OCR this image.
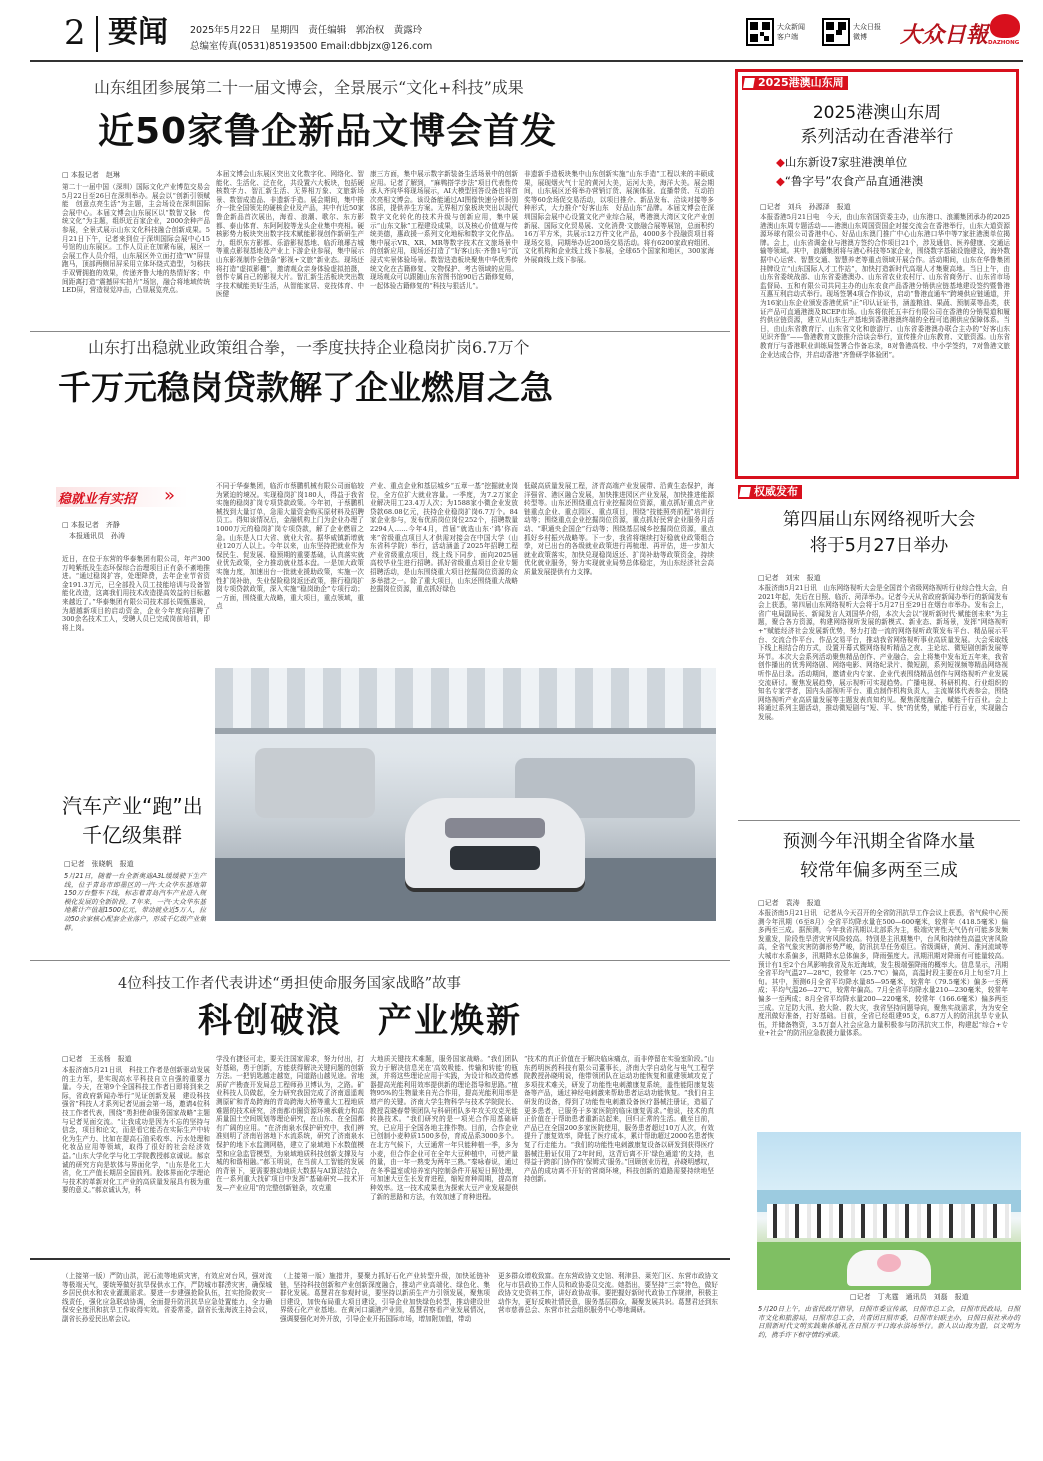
2 要闻 2025年5月22日　星期四　责任编辑　郭治权　黄露玲
总编室传真(0531)85193500 Email:dbbjzx@126.com
大众新闻
客户端
大众日报
微博	大众日報 DAZHONG
山东组团参展第二十一届文博会，全景展示“文化+科技”成果
近50家鲁企新品文博会首发
□ 本报记者　赵琳
第二十一届中国（深圳）国际文化产业博览交易会5月22日至26日在深圳举办。展会以“创新引领赋能　创意点亮生活”为主题，主会场设在深圳国际会展中心。本届文博会山东展区以“数智文脉　传统文化”为主题，组织近百家企业，2000余种产品参展，全景式展示山东文化科技融合创新成果。5月21日下午，记者来到位于深圳国际会展中心15号馆的山东展区。工作人员正在加紧布展，展区一会展工作人员介绍，山东展区外立面打造“W”屏显跑马，顶部两侧吊屏采用立体环绕式造型，匀称扶手双臂拥抱的效果，传递齐鲁大地的热情好客；中间距离打造“震撼屏实拍片”场馆，融合将地域传统LED屏，营造视觉冲击，凸显展览亮点。
本届文博会山东展区突出文化数字化、网络化、智能化、生活化、泛在化，共设置六大板块，包括硬核数字力、智汇新生活、无界相万象、文旅新场景、数智成造品、非遗新手造。展会期间，集中推介一批全国领先的硬核企业及产品，其中有近50家鲁企新品首次展出，海看、浪潮、歌尔、东方影都、泰山体育、东阿阿胶等龙头企业集中亮相。硬核影势力板块突出数字技术赋能影视创作新研生产力，组织东方影都、乐游影视基地、临沂琅琊古城等重点影视基地及产业上下游企业参展，集中展示山东影视制作全链条“影视+文旅”新业态。现场还将打造“虚拟影棚”，邀请观众亲身体验虚拟拍摄，创作专属自己的影视大片。智汇新生活板块突出数字技术赋能美好生活，从智能家居、竞技体育、中医健
康三方面，集中展示数字新装备生活场景中的创新应用。记者了解到，“麻鸭搭学步法”项目代表性传承人齐向华将现场展示，AI大模型回答设备也将首次亮相文博会。该设备能通过AI图像快速分析识别体质，提供养生方案。无界相万象板块突出以现代数字文化转化的技术升级与创新应用，集中展示“山东文脉”工程建设成果，以及核心价值观与传统美德，惠政援一系列文化地标和数字文化作品。集中展示VR、XR、MR等数字技术在文旅场景中的创新应用，现场还打造了“好客山东·齐鲁1号”沉浸式实景体验场景。数智迭造板块聚焦中华优秀传统文化在古籍修复、文物保护、考古领域的应用。现场观众可以跟随山东省图书馆90后古籍修复师，一起体验古籍修复的“科技与狠活儿”。
非遗新手造板块集中山东创新实施“山东手造”工程以来的丰硕成果，展现烟火气十足的黄河大美，运河大美，海洋大美。展会期间，山东展区还将举办营销订货、展演体验、直播带货、互动拍奖等60余场促交易活动，以项目推介、新品发布、洽谈对接等多种形式，大力推介“好客山东　好品山东”品牌。本届文博会在深圳国际会展中心设置文化产业综合展，粤港澳大湾区文化产业创新展、国际文化贸易展、文化消费·文旅融合展等展馆，总面积约16万平方米，共展示12万件文化产品，4000多个投融资项目将现场交易，同期举办近200场交易活动。将有6200家政府组团、文化机构和企业线上线下参展，全球65个国家和地区，300家海外展商线上线下参展。
2025港澳山东周
2025港澳山东周
系列活动在香港举行
◆山东新设7家驻港澳单位
◆“鲁字号”农食产品直通港澳
□记者　刘兵　孙源泽　报道
本报香港5月21日电　今天，由山东省国资委主办，山东港口、浪潮集团承办的2025港澳山东周专题活动——港澳山东周国资国企对接交流会在香港举行，山东大道资源源环球有限公司香港中心、好品山东澳门推广中心山东港口华中等7家驻港澳单位揭牌。会上，山东省调金业与港澳方签约合作项目21个，涉及通信、医养健康、交通运输等领域。其中，浪潮集团将与港心科技等5家企业，围绕数字基础设施建设，海外数据中心运营、智慧交通、智慧养老等重点领域开展合作。活动期间，山东在华鲁集团挂牌设立“山东国际人才工作站”，加快打造新时代高端人才集聚高地。当日上午，由山东省委统战部、山东省委港澳办、山东省农业农村厅、山东省商务厅、山东省市场监督局、五和有限公司共同主办的山东农食产品香港分销供应链基地建设签约暨鲁港互惠互利启动式举行。现场签署4项合作协议，启动“鲁港直通车”跨境供应链通道，并为16家山东企业颁发香港优质“正”印认证证书，涵盖粮油、果蔬、预制菜等品类，获证产品可直通港澳及RCEP市场。山东将依托五丰行有限公司在香港的分销渠道和履约供应链资源，建立从山东生产基地到香港港澳终端的全程可追溯供应保障体系。当日，由山东省教育厅、山东省文化和旅游厅、山东省委港澳办联合主办的“好客山东　见识齐鲁”——鲁港教育文旅推介洽谈会举行，宣传推介山东教育、文旅资源。山东省教育厅与香港职业训练局签署合作备忘录，8对鲁港高校、中小学签约，7对鲁港文旅企业达成合作，并启动香港“齐鲁研学体验团”。
山东打出稳就业政策组合拳，一季度扶持企业稳岗扩岗6.7万个
千万元稳岗贷款解了企业燃眉之急
稳就业有实招 »
□ 本报记者　齐静
　本报通讯员　孙涛
近日，在位于东营的华泰集团有限公司，年产300万吨紫纸及生态环保综合治理项目正有条不紊地推进。“通过稳岗扩容，处理降费，去年企业节省资金191.3万元，已全部投入员工技能培训与设备智能化改造，这离我们用技术改造提高效益的目标越来越近了。”华泰集团有限公司技术部长周甄惠说，为超越新项目的启动资金，企业今年度向招聘了300余名技术工人，受聘人员已完成岗前培训，即将上岗。
不同于华泰集团，临沂市蔡鹏机械有限公司面临较为紧迫的境况。实现稳岗扩岗180人，得益于我省实施的稳岗扩岗专项贷款政策。今年初，于蔡鹏机械找到大量订单，急需大量资金购买原材料及招聘员工。得知该情况后，金融机构上门为企业办理了1000万元的稳岗扩岗专项贷款，解了企业燃眉之急。山东是人口大省、就业大省。据华威镇新增就业120万人以上。今年以来，山东坚持把就业作为保民生、促发展、稳预期的重要基础，认真落实就业优先政策，全力推动就业基本盘。一是加大政策实施力度，加速出台一批就业援助政策，实施一次性扩岗补助，失业保险稳岗返还政策，推行稳岗扩岗专项贷款政策，深入实施“稳岗助企”专项行动；一方面，围绕重大战略，重大项目，重点领域，重点
产业、重点企业和基层城乡“五章一基”挖掘就业岗位，全方位扩大就业容量。一季度，为7.2万家企业解决用工23.4万人次；为1588家小微企业发放贷款68.08亿元，扶持企业稳岗扩岗6.7万个。84家企业参与，发布优质岗位岗位252个，招聘数量2294人……今年4月，首届“就选山东·‘鸿’你而来”省级重点项目人才供需对接会在中国大学（山东省科学院）举行，活动涵盖了2025年招聘工程产业省级重点项目，线上线下同步，面向2025届高校毕业生进行招聘。抓好省级重点项目企业专题招聘活动，是山东围绕重大项目挖掘岗位资源的众多举措之一。除了重大项目，山东还围绕重大战略挖掘岗位资源，重点抓好绿色
低碳高质量发展工程，济青高端产业发展带、沿黄生态保护，海洋强省、港区融合发展，加快推进园区产业发展，加快推进能源转型等。山东还围绕重点行业挖掘岗位资源，重点抓好重点产业链重点企业、重点园区、重点项目，围绕“技能照亮前程”培训行动等；围绕重点企业挖掘岗位资源，重点抓好民营企业服务月活动、“职通央企国企”行动等；围绕基层城乡挖掘岗位资源，重点抓好乡村振兴战略等。下一步，我省将继续打好稳就业政策组合拳，对已出台的各级就业政策进行再梳理、再评估，进一步加大就业政策落实，加快兑现稳岗返还、扩岗补助等政策资金，持续优化就业服务，努力实现就业局势总体稳定，为山东经济社会高质量发展提供有力支撑。
汽车产业“跑”出
千亿级集群
□记者　张晓帆　报道
5月21日，随着一台全新奥迪A3L缓缓驶下生产线，位于青岛市即墨区的一汽·大众华东基地第150万台整车下线，标志着青岛汽车产业进入规模化发展的全新阶段。7年来，一汽·大众华东基地累计产值超1500亿元，带动就业近5万人，拉动50余家核心配套企业落户，形成千亿级产业集群。
4位科技工作者代表讲述“勇担使命服务国家战略”故事
科创破浪　产业焕新
□记者　王丞杨　报道
本报济南5月21日讯　科技工作者是创新驱动发展的主力军，是实现高水平科技自立自强的重要力量。今天，在第9个全国科技工作者日即将到来之际，省政府新闻办举行“见证创新发展　建设科技强省”科技人才系列记者见面会第一场，邀请4位科技工作者代表，围绕“勇担使命服务国家战略”主题与记者见面交流。“让我成功是因为不忘的坚持与信念，项目和论文，而是看它能否在实际生产中转化为生产力、比如在提高石油采收率、污水处理和化妆品应用等领域，取得了很好的社会经济效益。”山东大学化学与化工学院教授郝京诚说。郝京诚的研究方向是软体与界面化学，“山东是化工大省，化工产值长期居全国前列。胶体界面化学理论与技术的革新对化工产业的高质量发展具有极为重要的意义。”郝京诚认为，科
学没有捷径可走，要关注国家需求，努力付出，打好基础，勇于创新，方能获得解决关键问题的创新方法。一把钥匙越走越宽，同道路山越见途。省地质矿产勘查开发局总工程师孙卫博认为，之路。矿业科技人员做起，全力研究我国完成了济南遥遥观测原矿和青岛跨海的青岛跨海大桥等重大工程地质难题的技术研究，济南都市圈资源环境承载力和高质量国土空间规划等理论研究，在山东、在全国都有广阔的应用。“在济南泉水保护研究中，我们辨准则明了济南岩溶地下水流系统，研究了济南泉水保护的地下水监测网格，建立了泉域地下水数值模型和应急监管模型，为泉域地质科技创新支撑及与城的和谐相融。”郝玉明说，在当前人工智能的发展的背景下，更需要推动地质大数据与AI算法结合，在一系列重大找矿项目中发挥“基础研究—技术开发—产业应用”的完整创新链条，攻克重
大地质关键技术难题，服务国家战略。“我们团队致力于解决信息光在‘高效吸能、传输和转能’的瓶颈，并将这些理论应用于实践，为设计和改造传感器提高光能利用效率提供新的理论指导和思路。”植物95%的生物量来自光合作用，提高光能利用率是增产的关键。济南大学生物科学与技术学院院长、教授袁晓春带领团队与科研团队多年攻关攻克光能转换技术。“我们研究的是一项光合作用基础研究，已应用于全国各地主推作物。目前，合作企业已创制小麦种质1500多份，育成品系3000多个。在北方气候下，大豆通常一年只能种植一季，多为小麦，但合作企业可在全年大豆种植中，可使产量的量，由一年一熟变为两年三熟。”秦咏春说，通过在冬季温室或培养室内控制条件开展短日照处理，可加速大豆生长发育进程，缩短育种周期，提高育种效率。这一技术成果也为探索大豆产业发展提供了新的思路和方法，有效加速了育种进程。
“技术的真正价值在于解决临床痛点，而非停留在实验室阶段。”山东药明医药科技有限公司董事长，济南大学自动化与电气工程学院教授孙晓明说，他带领团队在运动功能恢复和重建领域攻克了多项技术难关，研发了功能性电刺激康复系统，盖性能阳康复装备等产品，通过神经电刺激来帮助患者运动功能恢复。“我们自主研发的设备，得到了功能性电刺激设备医疗器械注册证，造福了更多患者，已服务于多家医院的临床康复需求。”他说，技术的真正价值在于帮助患者重新站起来，回归正常的生活。截至目前，产品已在全国200多家医院使用，服务患者超过10万人次，有效提升了康复效率，降低了医疗成本，累计帮助超过2000名患者恢复了行走能力。“我们的功能性电刺激康复设备以研发到获得医疗器械注册证仅用了2年时间，这背后离不开‘绿色通道’的支持，也得益于跨部门协作的‘保姆式’服务。”回顾创业历程，孙晓明感叹，产品的成功离不开好的营商环境，科技创新的道路需要持续地坚持创新。
权威发布
第四届山东网络视听大会
将于5月27日举办
□记者　刘宋　报道
本报济南5月21日讯　山东网络视听大会是全国首个省级网络视听行业综合性大会，自2021年起，先后在日照、临沂、菏泽举办。记者今天从省政府新闻办举行的新闻发布会上获悉，第四届山东网络视听大会将于5月27日至29日在烟台市举办。发布会上，省广电局副局长、新闻发言人刘国华介绍，本次大会以“视听新时代·赋能创未来”为主题，聚合各方资源，构建网络视听发展的新模式、新业态、新场景，发挥“网络视听+”赋能经济社会发展新优势，努力打造一流的网络视听政策发布平台、精品展示平台、交流合作平台、作品交易平台，推动我省网络视听事业高质量发展。大会采取线下线上相结合的方式，设置开幕式暨网络视听精品之夜、主论坛、微短剧创新发展等环节。本次大会系列活动聚焦精品创作、产业融合，会上将集中发布近五年来，我省创作播出的优秀网络剧、网络电影、网络纪录片、微短剧，系列短视频等精品网络视听作品目录。活动期间，邀请业内专家、企业代表围绕精品创作与网络视听产业发展交流研讨。聚焦发展趋势，展示视听可实现趋势。广播电视、科研机构、行业组织的知名专家学者，国内头部视听平台、重点制作机构负责人，主流媒体代表参会，围绕网络视听产业高质量发展等主题发表真知灼见。聚焦深度融合，赋能千行百业。会上将通过系列主题活动，推动微短剧与“短、平、快”的优势，赋能千行百业，实现融合发展。
预测今年汛期全省降水量
较常年偏多两至三成
□记者　袁涛　报道
本报济南5月21日讯　记者从今天召开的全省防汛抗旱工作会议上获悉，省气候中心预测今年汛期（6至8月）全省平均降水量在500—600毫米，较常年（418.5毫米）偏多两至三成。据预测，今年我省汛期以北部系为主，极端灾害性天气仍有可能多发频发重发，阶段性旱涝灾害风险较高。特别是主汛期集中，台风和持续性高温灾害风险高，全省气象灾害防御形势严峻，防汛抗旱任务艰巨。省级调研，黄河、淮河流域等大城市水系偏多，汛期降水总体偏多，降雨强度大。汛期汛期对降雨有可能量较高。预计有1至2个台风影响我省及东近海域，发生极端强降雨的概率大。信息显示，汛期全省平均气温27—28℃，较常年（25.7℃）偏高，高温时段主要在6月上旬至7月上旬。其中，预测6月全省平均降水量85—95毫米，较常年（79.5毫米）偏多一至两成；平均气温26—27℃，较常年偏高。7月全省平均降水量210—230毫米，较常年偏多一至两成；8月全省平均降水量200—220毫米，较常年（166.6毫米）偏多两至三成。立足防大汛、抢大险、救大灾，我省坚持问题导向，聚焦实战需求，为为安全度汛做好准备，打好基础。目前，全省已经组建95支，6.87万人的防汛抗旱专业队伍，并储备物资，3.5万套人社会应急力量积极参与防汛抗灾工作，构建起“综合+专业+社会”的防汛应急救援力量体系。
□记者　丁兆霆　通讯员　刘磊　报道
5月20日上午，由省民政厅指导，日照市委宣传部，日照市总工会，日照市民政局，日照市文化和旅游局，日照市总工会，共青团日照市委，日照市妇联主办，日照日报社承办的日照新时代文明实践集体婚礼在日照万平口海水浴场举行。新人以山海为盟，以文明为约，携手许下相守情约承诺。
（上接第一版）严防山洪，泥石流等地质灾害，有效应对台风，强对流等极端天气，要统筹做好抗旱保供水工作，严防城市群涝灾害，确保城乡居民供水和农业灌溉需求。要进一步建强抢险队伍，扛实抢险救灾一线责任，强化应急联动协调，全面提升防汛抗旱应急处置能力，全力确保安全度汛和抗旱工作取得实效。省委常委，副省长张海波主持会议，副省长孙爱民出席会议。
（上接第一版）施措并，要聚力抓好石化产业转型升级，加快延链补链，坚持科技创新和产业创新深度融合，推动产业高端化、绿色化、集群化发展。葛慧君在参观时说，要坚持以新质生产力引领发展，聚焦项目建设，加快布局重大项目建设，引导企业加快绿色转型，推动建设世界级石化产业基地。在黄河口湖港产业园，葛慧君察看产业发展情况，强调要强化对外开放，引导企业开拓国际市场，增加附加值，带动
更多群众增收致富。在东营政协文史馆、利津县、莱芜门区、东营市政协文化与市县政协工作人员和政协委员交流。她指出，要坚持“三亲”特色，做好政协文史资料工作，讲好政协故事。要把握好新时代政协工作规律，积极主动作为，更好反映社情民意，服务基层群众，凝聚发展共识。葛慧君还到东营市慈善总会、东营市社会组织服务中心等地调研。
